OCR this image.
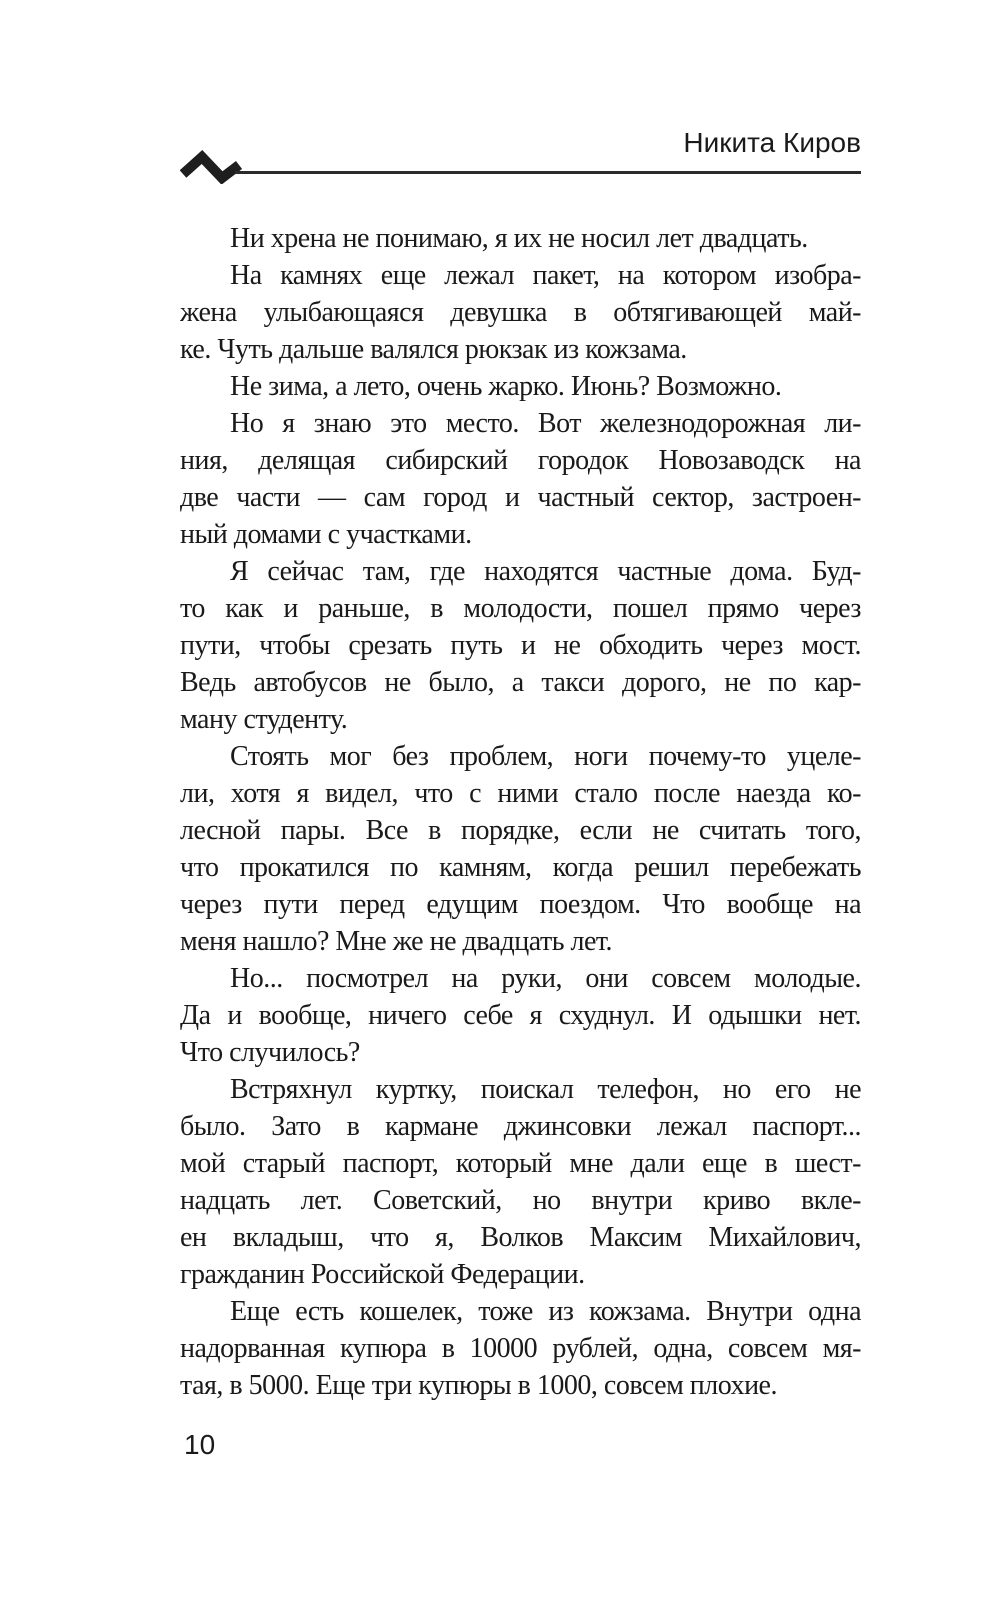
Никита Киров
Ни хрена не понимаю, я их не носил лет двадцать.
На камнях еще лежал пакет, на котором изобра-
жена улыбающаяся девушка в обтягивающей май-
ке. Чуть дальше валялся рюкзак из кожзама.
Не зима, а лето, очень жарко. Июнь? Возможно.
Но я знаю это место. Вот железнодорожная ли-
ния, делящая сибирский городок Новозаводск на
две части — сам город и частный сектор, застроен-
ный домами с участками.
Я сейчас там, где находятся частные дома. Буд-
то как и раньше, в молодости, пошел прямо через
пути, чтобы срезать путь и не обходить через мост.
Ведь автобусов не было, а такси дорого, не по кар-
ману студенту.
Стоять мог без проблем, ноги почему-то уцеле-
ли, хотя я видел, что с ними стало после наезда ко-
лесной пары. Все в порядке, если не считать того,
что прокатился по камням, когда решил перебежать
через пути перед едущим поездом. Что вообще на
меня нашло? Мне же не двадцать лет.
Но... посмотрел на руки, они совсем молодые.
Да и вообще, ничего себе я схуднул. И одышки нет.
Что случилось?
Встряхнул куртку, поискал телефон, но его не
было. Зато в кармане джинсовки лежал паспорт...
мой старый паспорт, который мне дали еще в шест-
надцать лет. Советский, но внутри криво вкле-
ен вкладыш, что я, Волков Максим Михайлович,
гражданин Российской Федерации.
Еще есть кошелек, тоже из кожзама. Внутри одна
надорванная купюра в 10000 рублей, одна, совсем мя-
тая, в 5000. Еще три купюры в 1000, совсем плохие.
10
